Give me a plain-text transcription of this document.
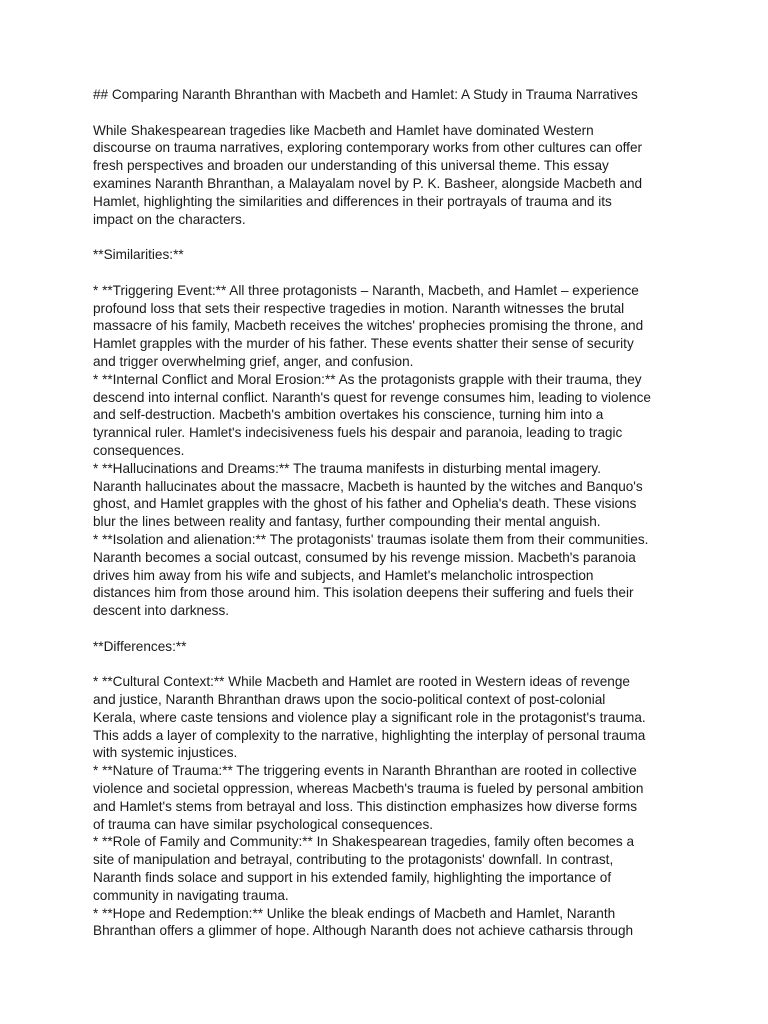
## Comparing Naranth Bhranthan with Macbeth and Hamlet: A Study in Trauma Narratives

While Shakespearean tragedies like Macbeth and Hamlet have dominated Western
discourse on trauma narratives, exploring contemporary works from other cultures can offer
fresh perspectives and broaden our understanding of this universal theme. This essay
examines Naranth Bhranthan, a Malayalam novel by P. K. Basheer, alongside Macbeth and
Hamlet, highlighting the similarities and differences in their portrayals of trauma and its
impact on the characters.

**Similarities:**

* **Triggering Event:** All three protagonists – Naranth, Macbeth, and Hamlet – experience
profound loss that sets their respective tragedies in motion. Naranth witnesses the brutal
massacre of his family, Macbeth receives the witches' prophecies promising the throne, and
Hamlet grapples with the murder of his father. These events shatter their sense of security
and trigger overwhelming grief, anger, and confusion.

* **Internal Conflict and Moral Erosion:** As the protagonists grapple with their trauma, they
descend into internal conflict. Naranth's quest for revenge consumes him, leading to violence
and self-destruction. Macbeth's ambition overtakes his conscience, turning him into a
tyrannical ruler. Hamlet's indecisiveness fuels his despair and paranoia, leading to tragic
consequences.

* **Hallucinations and Dreams:** The trauma manifests in disturbing mental imagery.
Naranth hallucinates about the massacre, Macbeth is haunted by the witches and Banquo's
ghost, and Hamlet grapples with the ghost of his father and Ophelia's death. These visions
blur the lines between reality and fantasy, further compounding their mental anguish.

* **Isolation and alienation:** The protagonists' traumas isolate them from their communities.
Naranth becomes a social outcast, consumed by his revenge mission. Macbeth's paranoia
drives him away from his wife and subjects, and Hamlet's melancholic introspection
distances him from those around him. This isolation deepens their suffering and fuels their
descent into darkness.

**Differences:**

* **Cultural Context:** While Macbeth and Hamlet are rooted in Western ideas of revenge
and justice, Naranth Bhranthan draws upon the socio-political context of post-colonial
Kerala, where caste tensions and violence play a significant role in the protagonist's trauma.
This adds a layer of complexity to the narrative, highlighting the interplay of personal trauma
with systemic injustices.

* **Nature of Trauma:** The triggering events in Naranth Bhranthan are rooted in collective
violence and societal oppression, whereas Macbeth's trauma is fueled by personal ambition
and Hamlet's stems from betrayal and loss. This distinction emphasizes how diverse forms
of trauma can have similar psychological consequences.

* **Role of Family and Community:** In Shakespearean tragedies, family often becomes a
site of manipulation and betrayal, contributing to the protagonists' downfall. In contrast,
Naranth finds solace and support in his extended family, highlighting the importance of
community in navigating trauma.

* **Hope and Redemption:** Unlike the bleak endings of Macbeth and Hamlet, Naranth
Bhranthan offers a glimmer of hope. Although Naranth does not achieve catharsis through
